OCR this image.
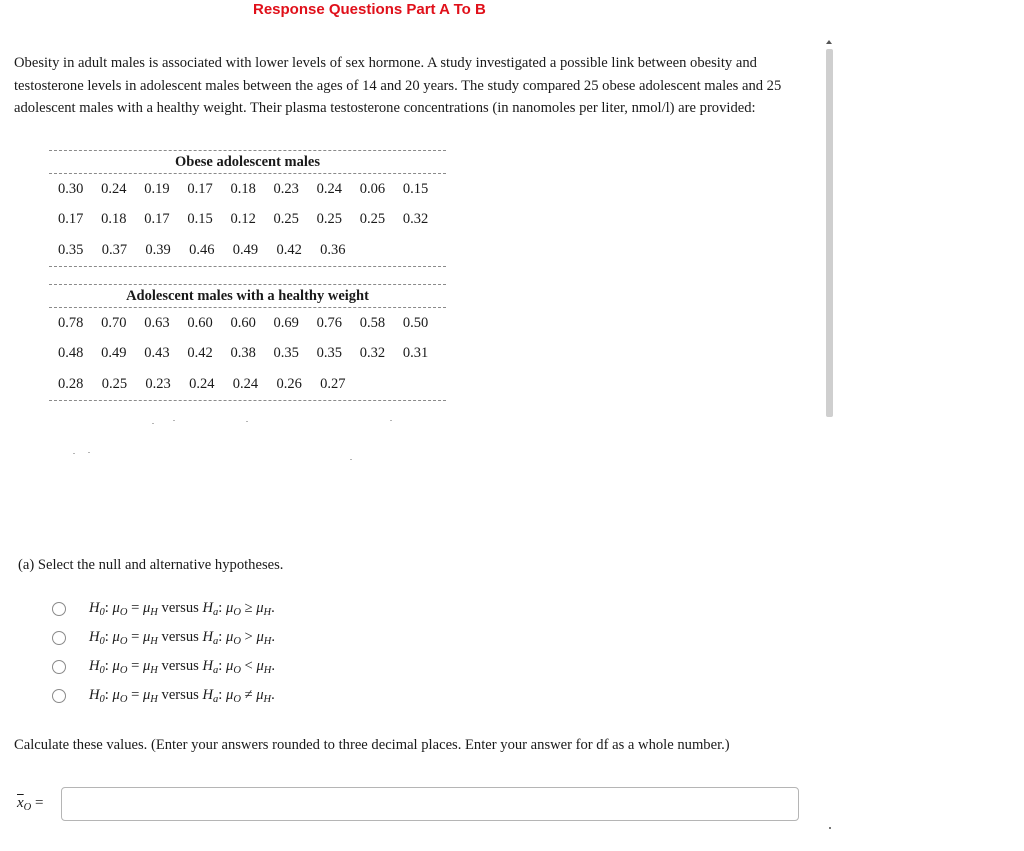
Response Questions Part A To B

Obesity in adult males is associated with lower levels of sex hormone. A study investigated a possible link between obesity and testosterone levels in adolescent males between the ages of 14 and 20 years. The study compared 25 obese adolescent males and 25 adolescent males with a healthy weight. Their plasma testosterone concentrations (in nanomoles per liter, nmol/l) are provided:

Obese adolescent males
0.30	0.24	0.19	0.17	0.18	0.23	0.24	0.06	0.15
0.17	0.18	0.17	0.15	0.12	0.25	0.25	0.25	0.32
0.35	0.37	0.39	0.46	0.49	0.42	0.36
Adolescent males with a healthy weight
0.78	0.70	0.63	0.60	0.60	0.69	0.76	0.58	0.50
0.48	0.49	0.43	0.42	0.38	0.35	0.35	0.32	0.31
0.28	0.25	0.23	0.24	0.24	0.26	0.27
(a) Select the null and alternative hypotheses.
$H_0$: $\mu_O = \mu_H$ versus $H_a$: $\mu_O \ge \mu_H$.
$H_0$: $\mu_O = \mu_H$ versus $H_a$: $\mu_O > \mu_H$.
$H_0$: $\mu_O = \mu_H$ versus $H_a$: $\mu_O < \mu_H$.
$H_0$: $\mu_O = \mu_H$ versus $H_a$: $\mu_O \ne \mu_H$.
Calculate these values. (Enter your answers rounded to three decimal places. Enter your answer for df as a whole number.)
$\overline{x}_O$ =
